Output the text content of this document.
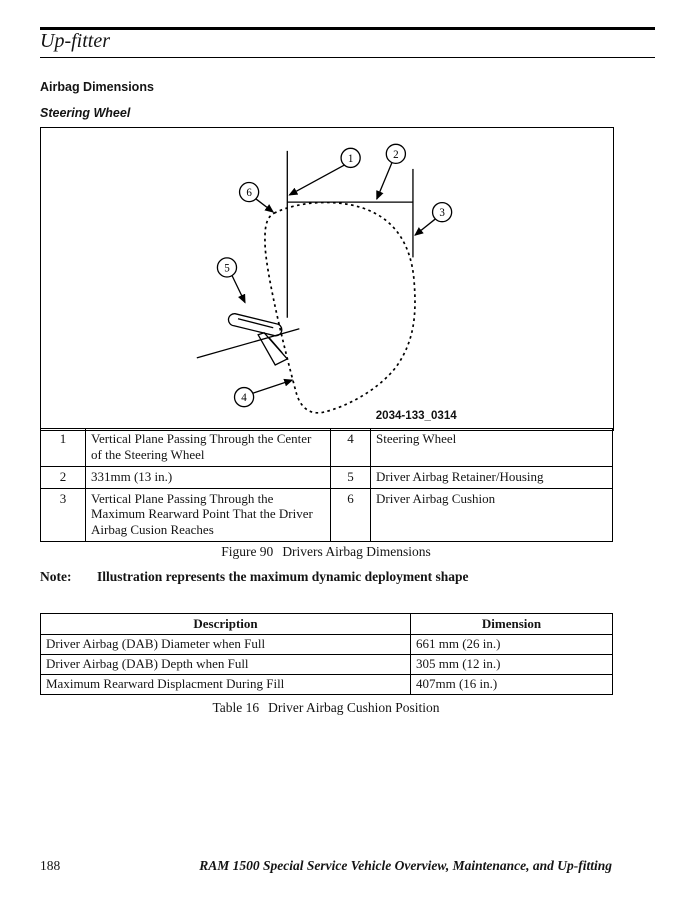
Up-fitter
Airbag Dimensions
Steering Wheel
1	2
3
4
5
6
2034-133_0314
1	Vertical Plane Passing Through the Center of the Steering Wheel	4	Steering Wheel
2	331mm (13 in.)	5	Driver Airbag Retainer/Housing
3	Vertical Plane Passing Through the Maximum Rearward Point That the Driver Airbag Cusion Reaches	6	Driver Airbag Cushion
Figure 90 Drivers Airbag Dimensions
Note: Illustration represents the maximum dynamic deployment shape
Description	Dimension
Driver Airbag (DAB) Diameter when Full	661 mm (26 in.)
Driver Airbag (DAB) Depth when Full	305 mm (12 in.)
Maximum Rearward Displacment During Fill	407mm (16 in.)
Table 16 Driver Airbag Cushion Position
188	RAM 1500 Special Service Vehicle Overview, Maintenance, and Up-fitting
